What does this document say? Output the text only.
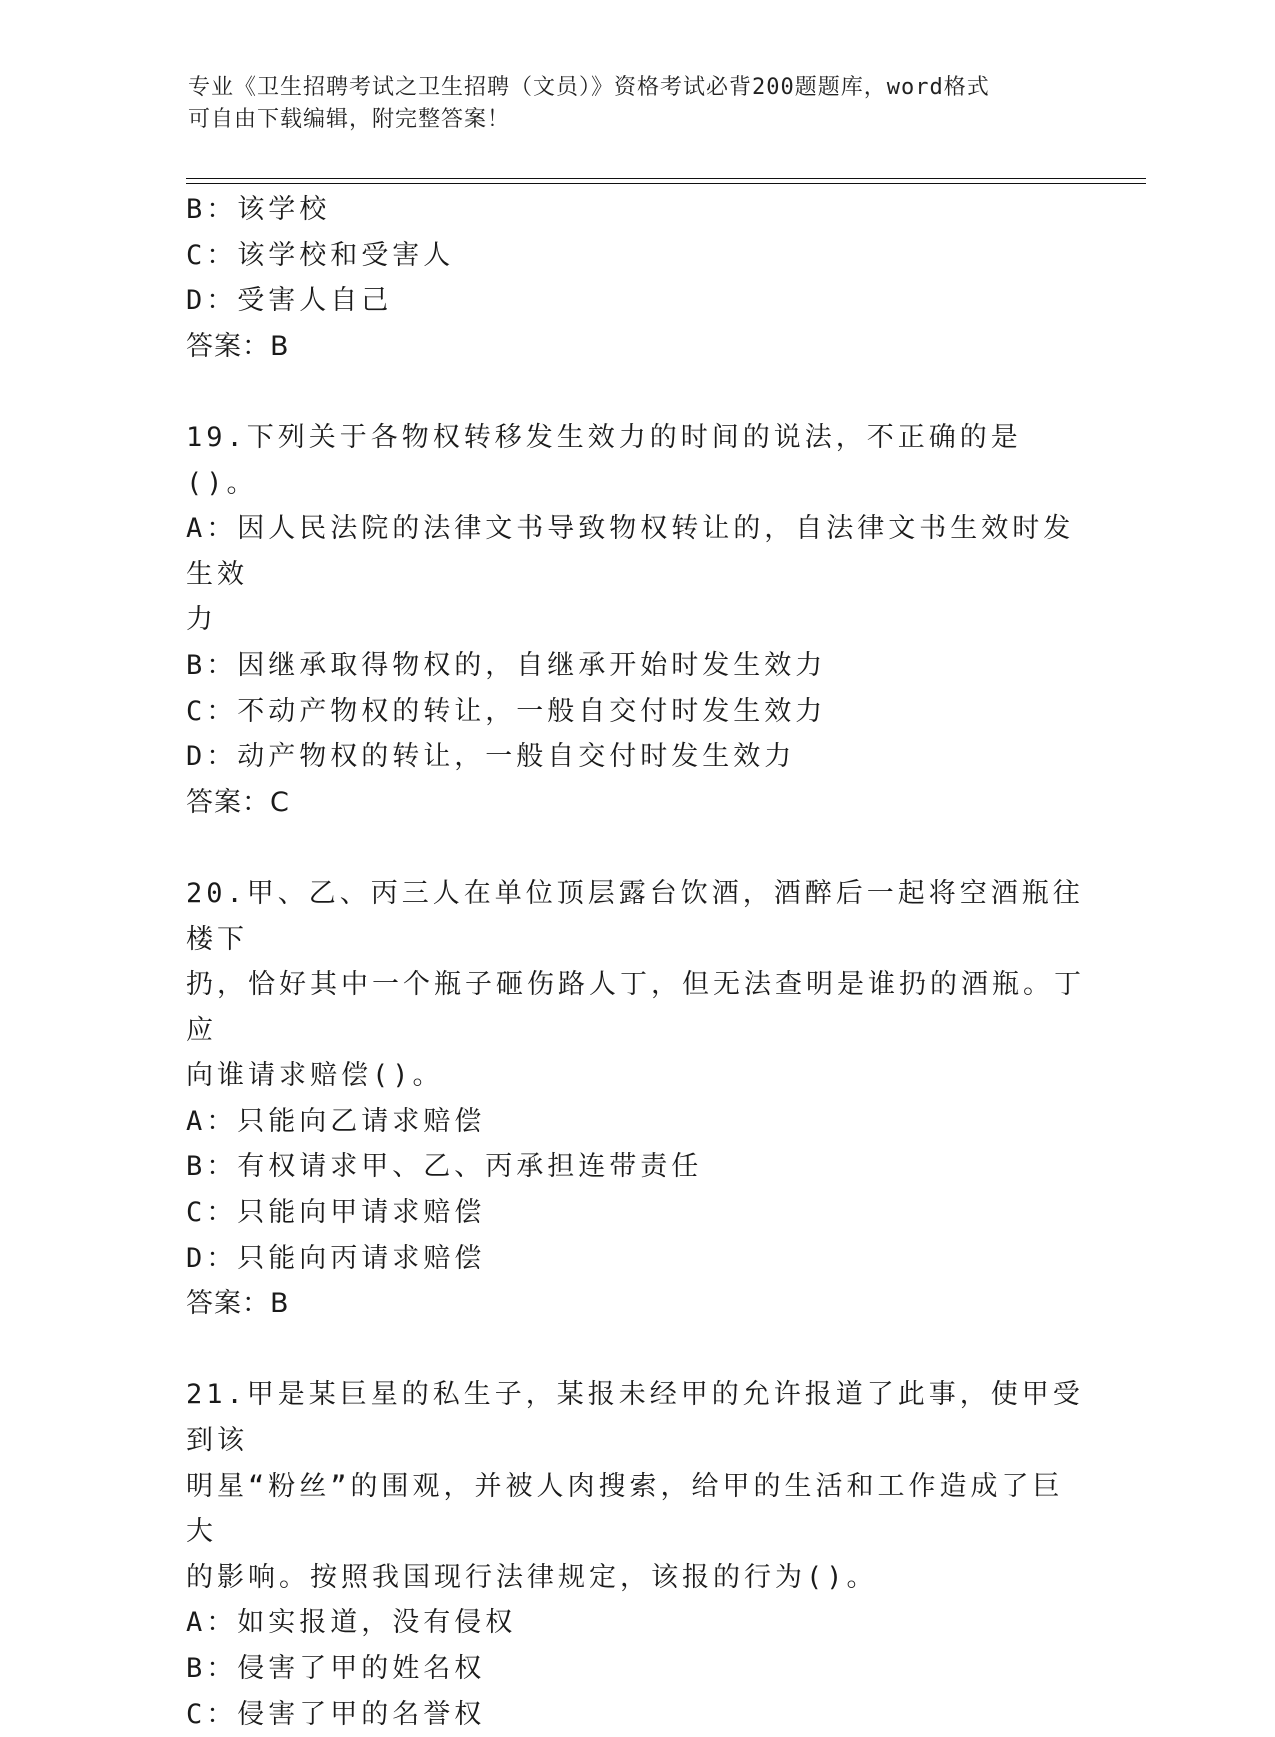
专业《卫生招聘考试之卫生招聘（文员）》资格考试必背200题题库，word格式
可自由下载编辑，附完整答案！
B：该学校
C：该学校和受害人
D：受害人自己
答案：B
19.下列关于各物权转移发生效力的时间的说法，不正确的是()。
A：因人民法院的法律文书导致物权转让的，自法律文书生效时发生效
力
B：因继承取得物权的，自继承开始时发生效力
C：不动产物权的转让，一般自交付时发生效力
D：动产物权的转让，一般自交付时发生效力
答案：C
20.甲、乙、丙三人在单位顶层露台饮酒，酒醉后一起将空酒瓶往楼下
扔，恰好其中一个瓶子砸伤路人丁，但无法查明是谁扔的酒瓶。丁应
向谁请求赔偿()。
A：只能向乙请求赔偿
B：有权请求甲、乙、丙承担连带责任
C：只能向甲请求赔偿
D：只能向丙请求赔偿
答案：B
21.甲是某巨星的私生子，某报未经甲的允许报道了此事，使甲受到该
明星“粉丝”的围观，并被人肉搜索，给甲的生活和工作造成了巨大
的影响。按照我国现行法律规定，该报的行为()。
A：如实报道，没有侵权
B：侵害了甲的姓名权
C：侵害了甲的名誉权
